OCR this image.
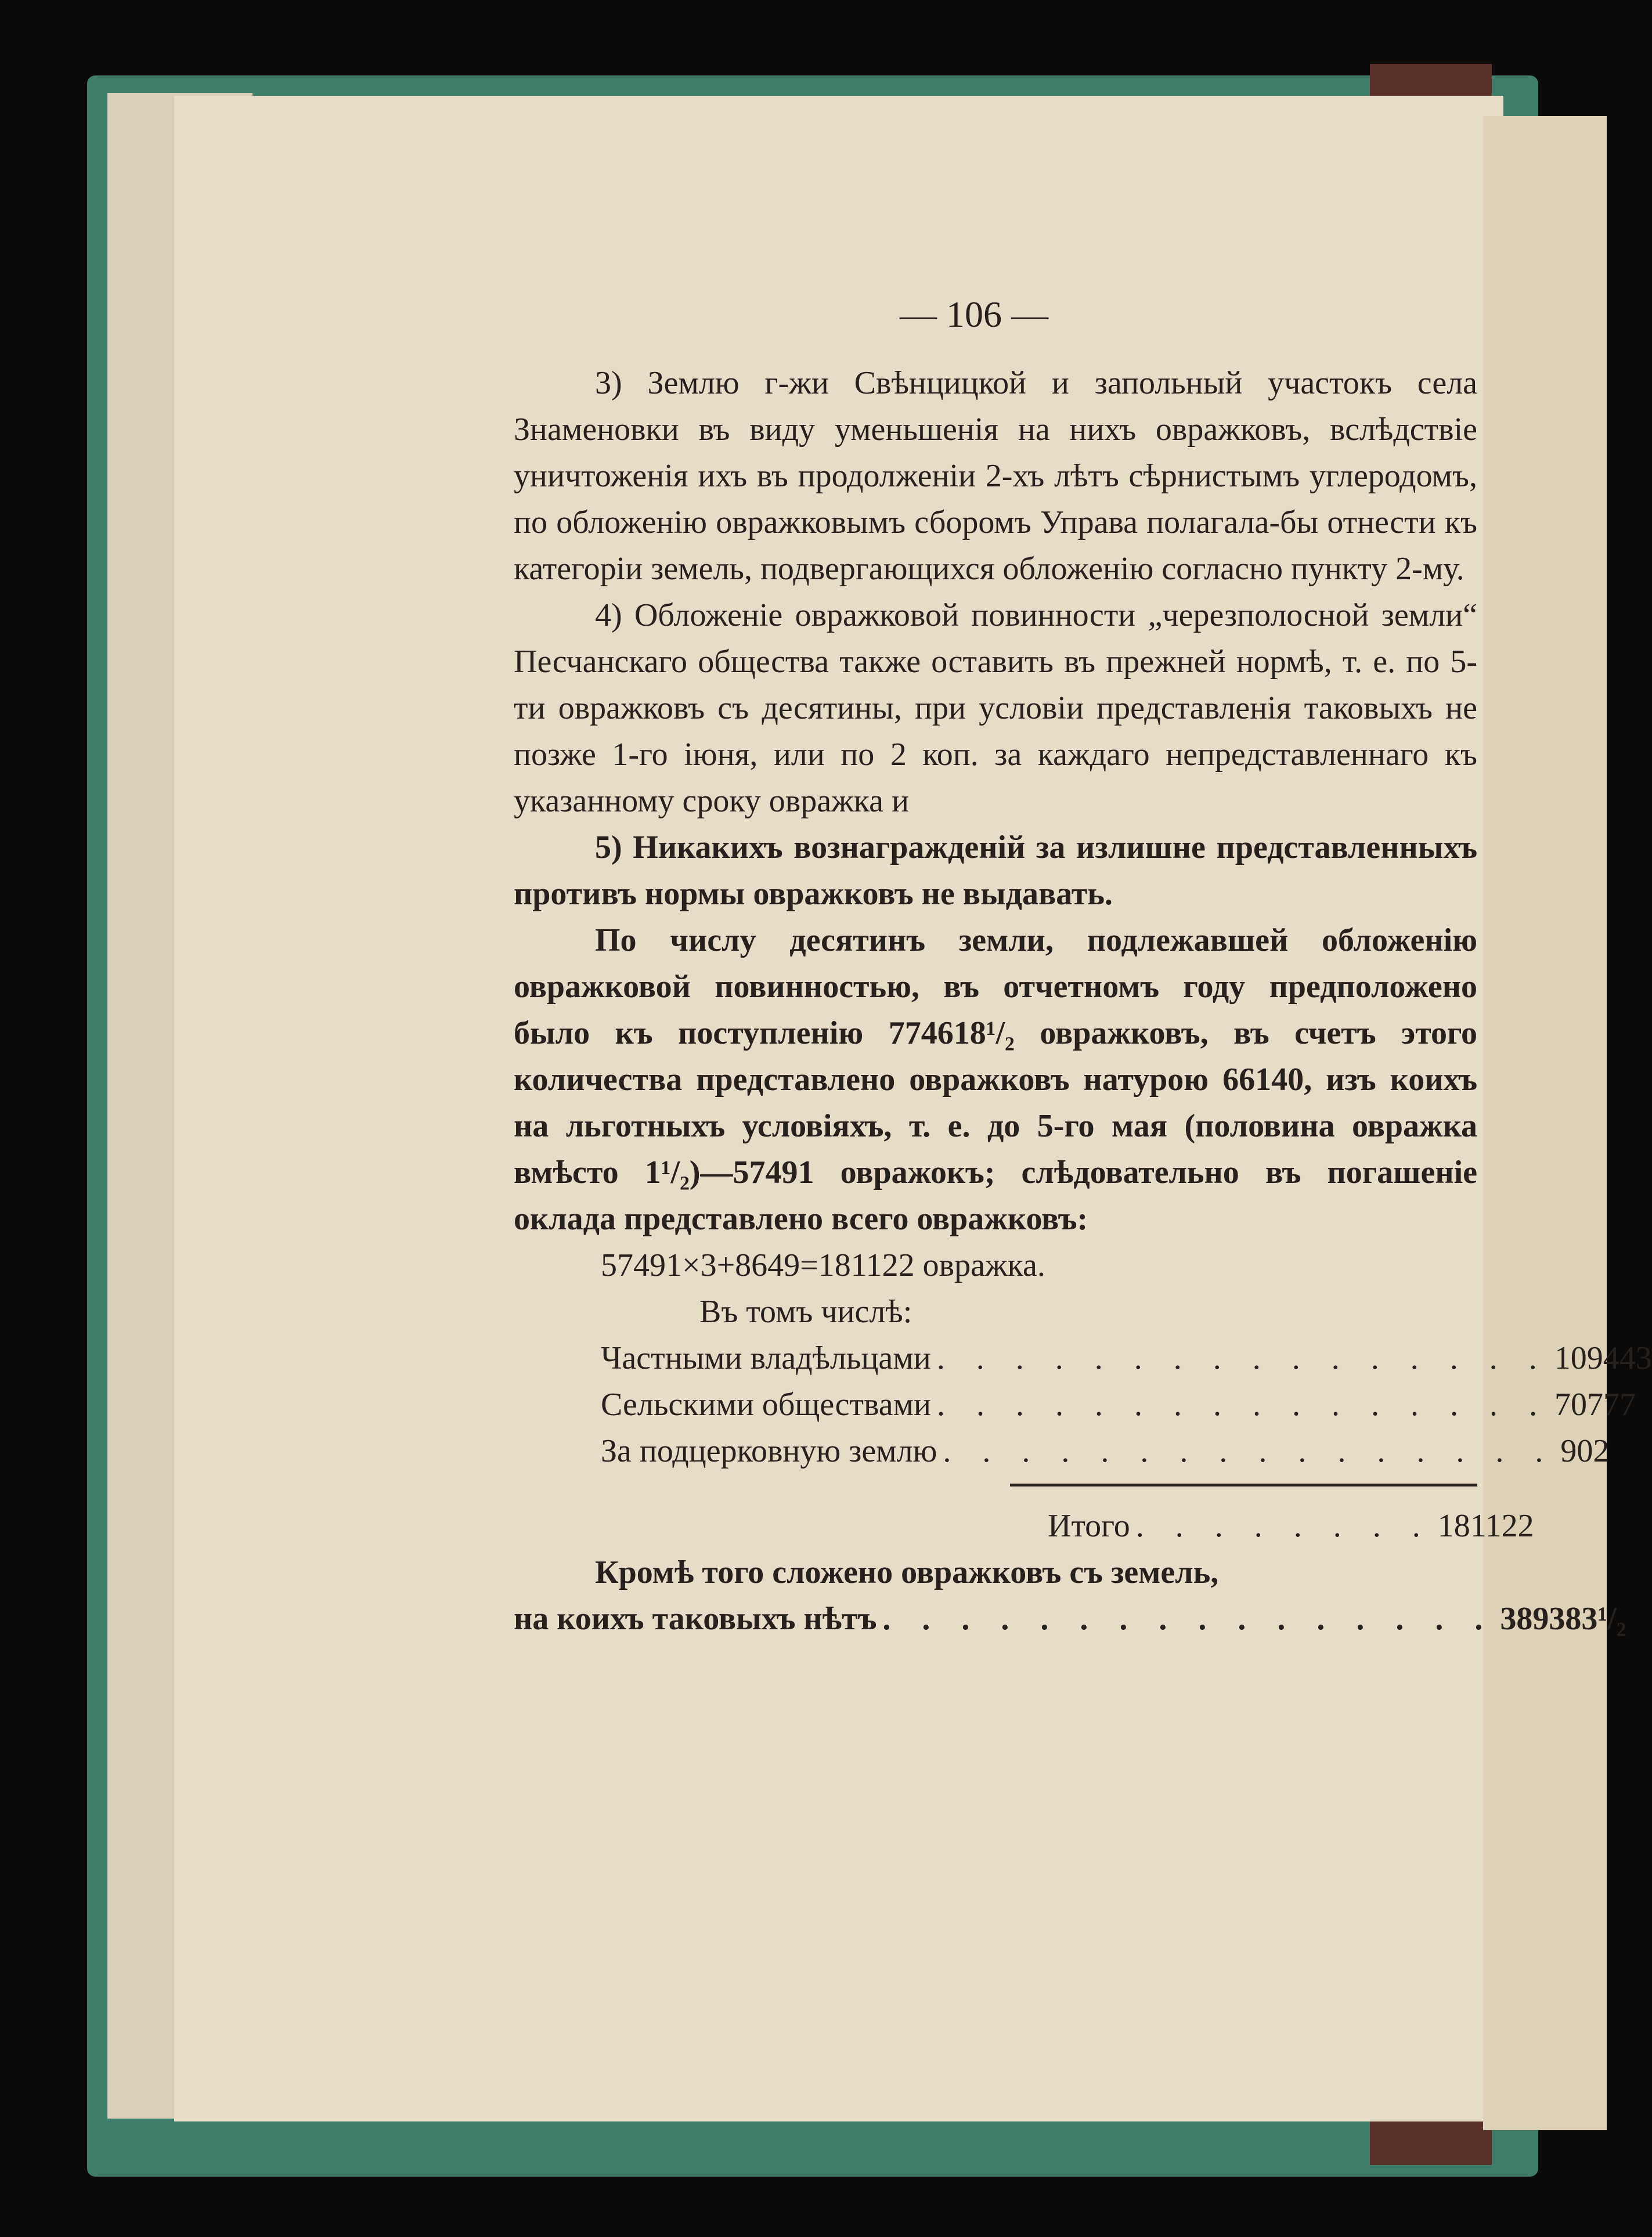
— 106 —

3) Землю г-жи Свѣнцицкой и запольный участокъ села Знаменовки въ виду уменьшенія на нихъ овражковъ, вслѣдствіе уничтоженія ихъ въ продолженіи 2-хъ лѣтъ сѣрнистымъ углеродомъ, по обложенію овражковымъ сборомъ Управа полагала-бы отнести къ категоріи земель, подвергающихся обложенію согласно пункту 2-му.

4) Обложеніе овражковой повинности „черезполосной земли“ Песчанскаго общества также оставить въ прежней нормѣ, т. е. по 5-ти овражковъ съ десятины, при условіи представленія таковыхъ не позже 1-го іюня, или по 2 коп. за каждаго непредставленнаго къ указанному сроку овражка и

5) Никакихъ вознагражденій за излишне представленныхъ противъ нормы овражковъ не выдавать.

По числу десятинъ земли, подлежавшей обложенію овражковой повинностью, въ отчетномъ году предположено было къ поступленію 774618¹/₂ овражковъ, въ счетъ этого количества представлено овражковъ натурою 66140, изъ коихъ на льготныхъ условіяхъ, т. е. до 5-го мая (половина овражка вмѣсто 1¹/₂)—57491 овражокъ; слѣдовательно въ погашеніе оклада представлено всего овражковъ:

57491×3+8649=181122 овражка.

Въ томъ числѣ:

Частными владѣльцами . . . . . . . . . . . . . . . . 109443
Сельскими обществами . . . . . . . . . . . . . . . . 70777
За подцерковную землю . . . . . . . . . . . . . . . . 902
Итого . . . . . . . . 181122

Кромѣ того сложено овражковъ съ земель,

на коихъ таковыхъ нѣтъ . . . . . . . . . . . . . . . . 389383¹/₂
